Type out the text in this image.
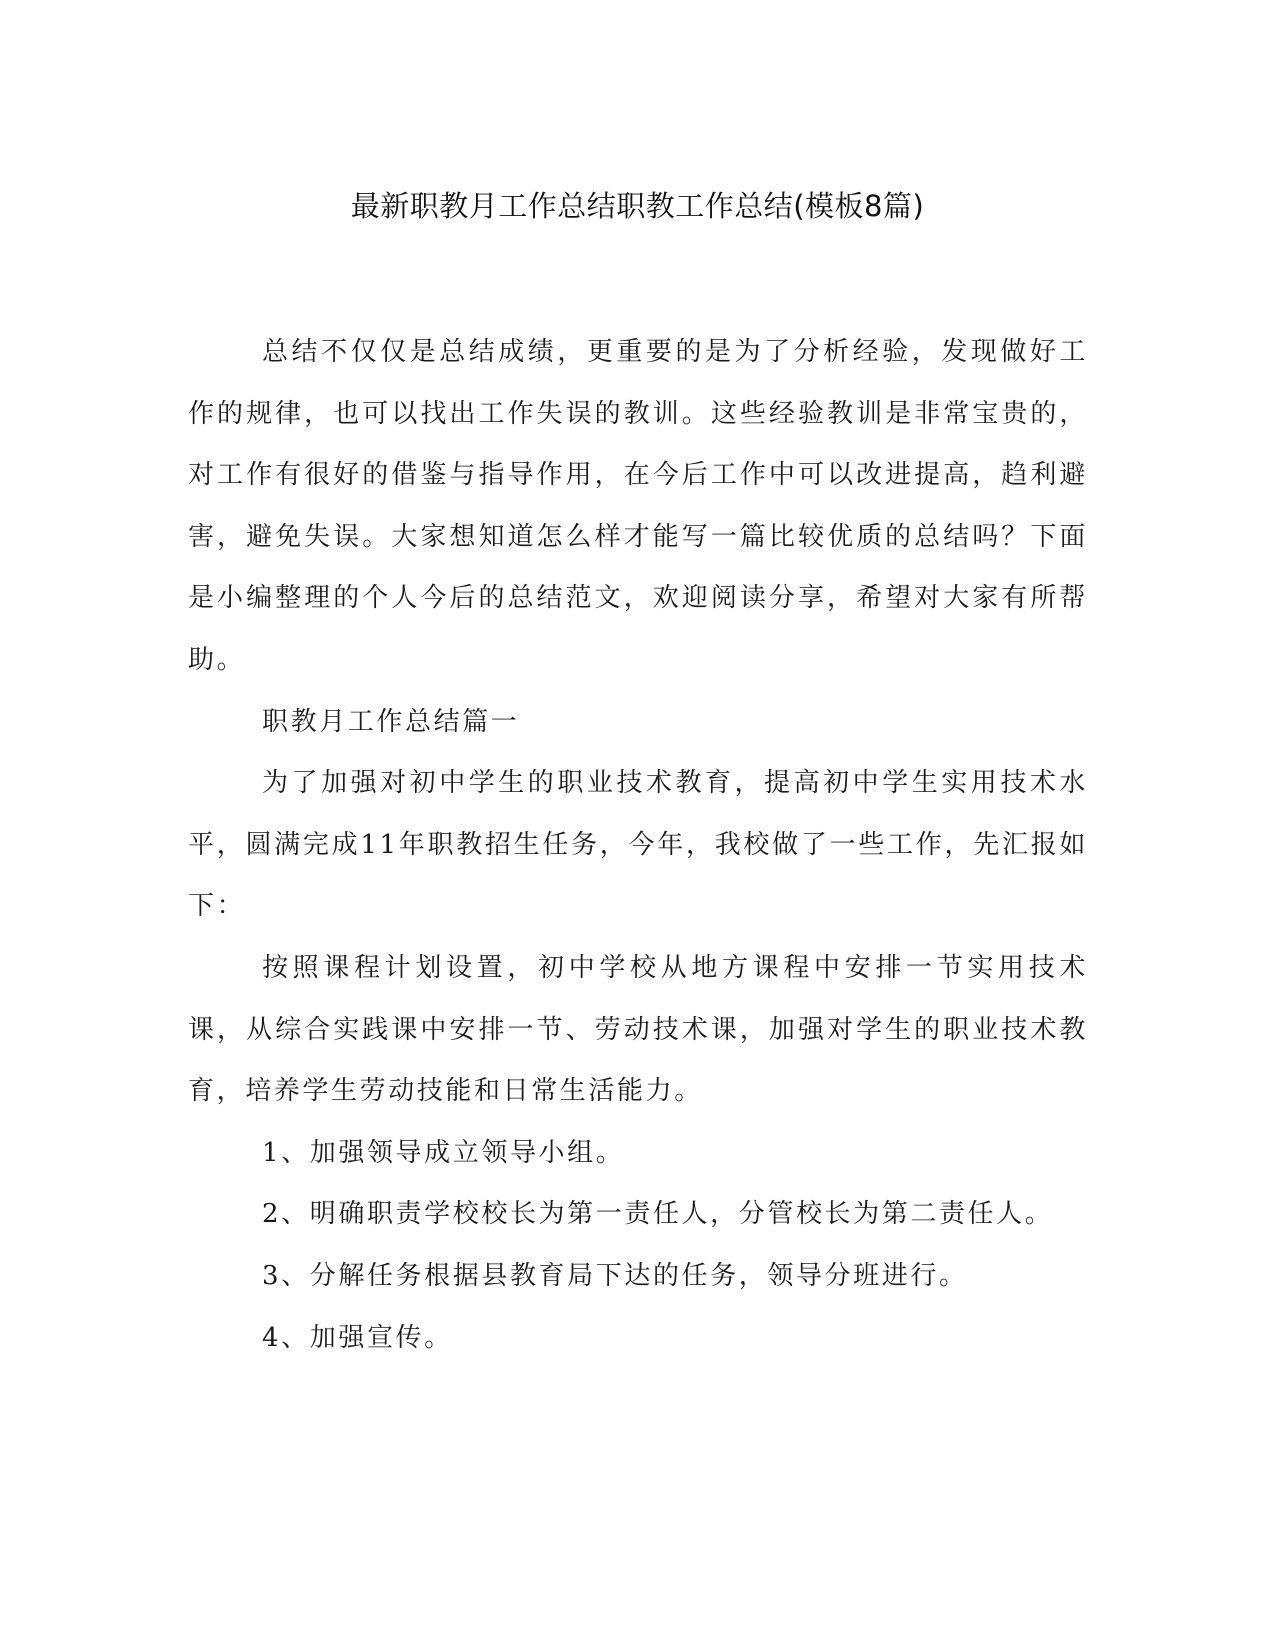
最新职教月工作总结职教工作总结(模板8篇)

总结不仅仅是总结成绩，更重要的是为了分析经验，发现做好工作的规律，也可以找出工作失误的教训。这些经验教训是非常宝贵的，对工作有很好的借鉴与指导作用，在今后工作中可以改进提高，趋利避害，避免失误。大家想知道怎么样才能写一篇比较优质的总结吗？下面是小编整理的个人今后的总结范文，欢迎阅读分享，希望对大家有所帮助。

职教月工作总结篇一

为了加强对初中学生的职业技术教育，提高初中学生实用技术水平，圆满完成11年职教招生任务，今年，我校做了一些工作，先汇报如下：

按照课程计划设置，初中学校从地方课程中安排一节实用技术课，从综合实践课中安排一节、劳动技术课，加强对学生的职业技术教育，培养学生劳动技能和日常生活能力。

1、加强领导成立领导小组。

2、明确职责学校校长为第一责任人，分管校长为第二责任人。

3、分解任务根据县教育局下达的任务，领导分班进行。

4、加强宣传。
